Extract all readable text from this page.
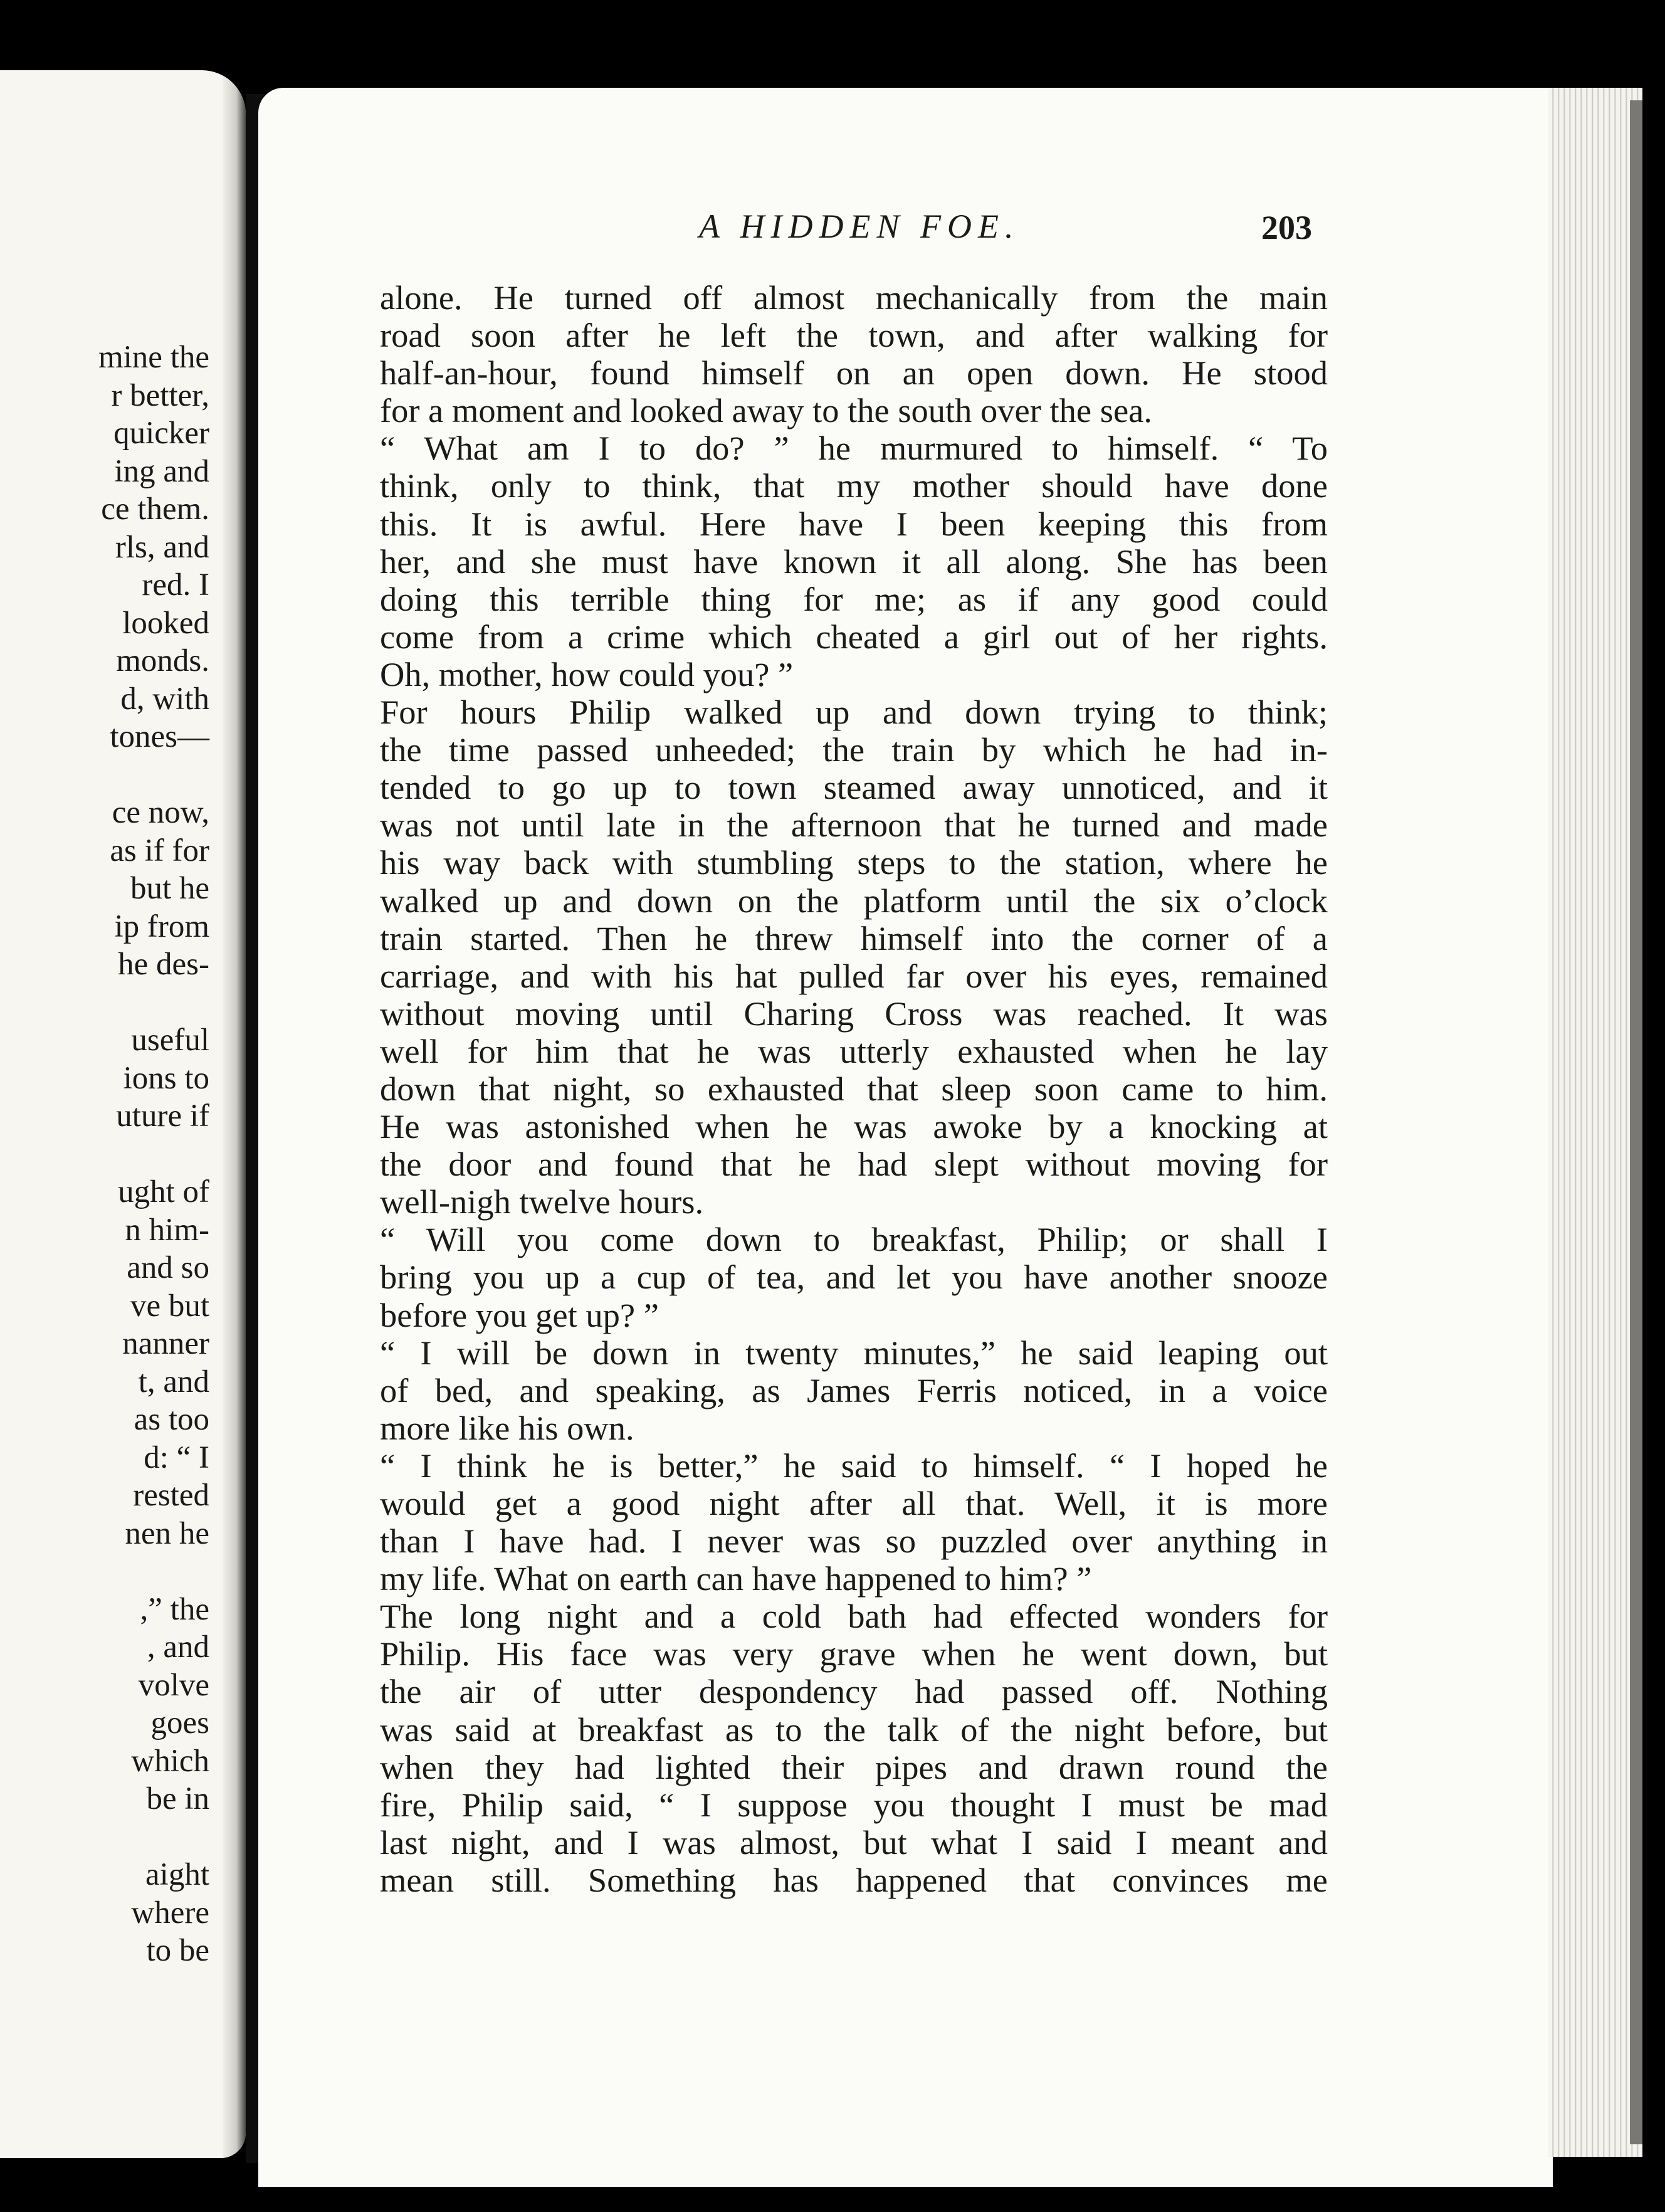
mine the
r better,
quicker
ing and
ce them.
rls, and
red. I
looked
monds.
d, with
tones—
ce now,
as if for
but he
ip from
he des-
useful
ions to
uture if
ught of
n him-
and so
ve but
nanner
t, and
as too
d: “ I
rested
nen he
,” the
, and
volve
goes
which
be in
aight
where
to be
A HIDDEN FOE.	203
alone. He turned off almost mechanically from the main
road soon after he left the town, and after walking for
half-an-hour, found himself on an open down. He stood
for a moment and looked away to the south over the sea.
“ What am I to do? ” he murmured to himself. “ To
think, only to think, that my mother should have done
this. It is awful. Here have I been keeping this from
her, and she must have known it all along. She has been
doing this terrible thing for me; as if any good could
come from a crime which cheated a girl out of her rights.
Oh, mother, how could you? ”
For hours Philip walked up and down trying to think;
the time passed unheeded; the train by which he had in-
tended to go up to town steamed away unnoticed, and it
was not until late in the afternoon that he turned and made
his way back with stumbling steps to the station, where he
walked up and down on the platform until the six o’clock
train started. Then he threw himself into the corner of a
carriage, and with his hat pulled far over his eyes, remained
without moving until Charing Cross was reached. It was
well for him that he was utterly exhausted when he lay
down that night, so exhausted that sleep soon came to him.
He was astonished when he was awoke by a knocking at
the door and found that he had slept without moving for
well-nigh twelve hours.
“ Will you come down to breakfast, Philip; or shall I
bring you up a cup of tea, and let you have another snooze
before you get up? ”
“ I will be down in twenty minutes,” he said leaping out
of bed, and speaking, as James Ferris noticed, in a voice
more like his own.
“ I think he is better,” he said to himself. “ I hoped he
would get a good night after all that. Well, it is more
than I have had. I never was so puzzled over anything in
my life. What on earth can have happened to him? ”
The long night and a cold bath had effected wonders for
Philip. His face was very grave when he went down, but
the air of utter despondency had passed off. Nothing
was said at breakfast as to the talk of the night before, but
when they had lighted their pipes and drawn round the
fire, Philip said, “ I suppose you thought I must be mad
last night, and I was almost, but what I said I meant and
mean still. Something has happened that convinces me
